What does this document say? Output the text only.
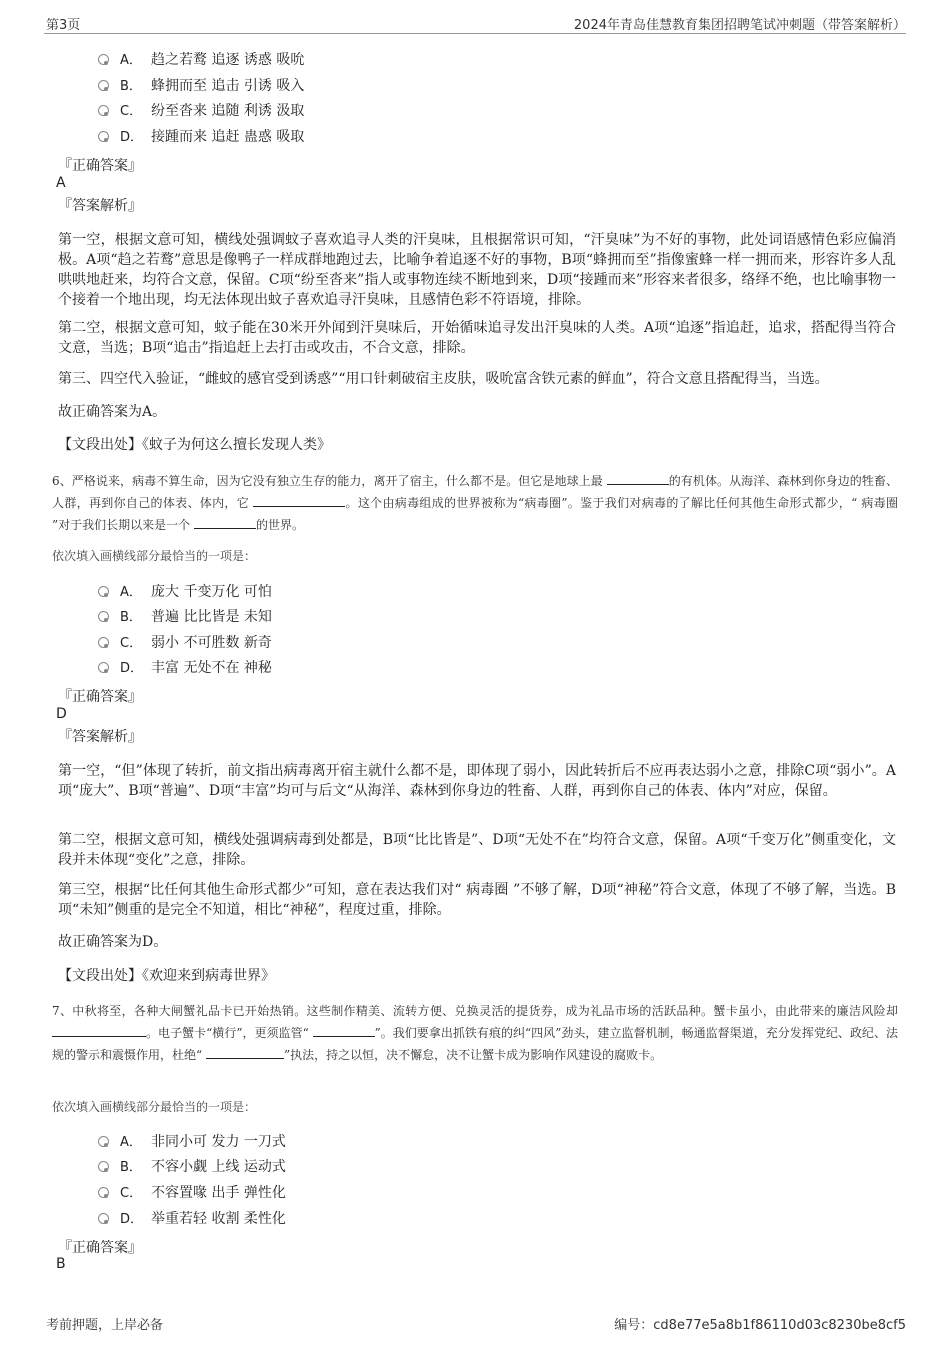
第3页	2024年青岛佳慧教育集团招聘笔试冲刺题（带答案解析）
A． 趋之若鹜 追逐 诱惑 吸吮
B． 蜂拥而至 追击 引诱 吸入
C． 纷至沓来 追随 利诱 汲取
D． 接踵而来 追赶 蛊惑 吸取
『正确答案』
A
『答案解析』

第一空，根据文意可知，横线处强调蚊子喜欢追寻人类的汗臭味，且根据常识可知，“汗臭味”为不好的事物，此处词语感情色彩应偏消极。A项“趋之若鹜”意思是像鸭子一样成群地跑过去，比喻争着追逐不好的事物，B项“蜂拥而至”指像蜜蜂一样一拥而来，形容许多人乱哄哄地赶来，均符合文意，保留。C项“纷至沓来”指人或事物连续不断地到来，D项“接踵而来”形容来者很多，络绎不绝，也比喻事物一个接着一个地出现，均无法体现出蚊子喜欢追寻汗臭味，且感情色彩不符语境，排除。

第二空，根据文意可知，蚊子能在30米开外闻到汗臭味后，开始循味追寻发出汗臭味的人类。A项“追逐”指追赶，追求，搭配得当符合文意，当选；B项“追击”指追赶上去打击或攻击，不合文意，排除。

第三、四空代入验证，“雌蚊的感官受到诱惑”“用口针刺破宿主皮肤，吸吮富含铁元素的鲜血”，符合文意且搭配得当，当选。

故正确答案为A。

【文段出处】《蚊子为何这么擅长发现人类》

6、严格说来，病毒不算生命，因为它没有独立生存的能力，离开了宿主，什么都不是。但它是地球上最	的有机体。从海洋、森林到你身边的牲畜、人群，再到你自己的体表、体内，它	。这个由病毒组成的世界被称为“病毒圈”。鉴于我们对病毒的了解比任何其他生命形式都少，“ 病毒圈 ”对于我们长期以来是一个	的世界。

依次填入画横线部分最恰当的一项是：
A． 庞大 千变万化 可怕
B． 普遍 比比皆是 未知
C． 弱小 不可胜数 新奇
D． 丰富 无处不在 神秘
『正确答案』
D
『答案解析』

第一空，“但”体现了转折，前文指出病毒离开宿主就什么都不是，即体现了弱小，因此转折后不应再表达弱小之意，排除C项“弱小”。A项“庞大”、B项“普遍”、D项“丰富”均可与后文“从海洋、森林到你身边的牲畜、人群，再到你自己的体表、体内”对应，保留。

第二空，根据文意可知，横线处强调病毒到处都是，B项“比比皆是”、D项“无处不在”均符合文意，保留。A项“千变万化”侧重变化，文段并未体现“变化”之意，排除。

第三空，根据“比任何其他生命形式都少”可知，意在表达我们对“ 病毒圈 ”不够了解，D项“神秘”符合文意，体现了不够了解，当选。B项“未知”侧重的是完全不知道，相比“神秘”，程度过重，排除。

故正确答案为D。

【文段出处】《欢迎来到病毒世界》

7、中秋将至，各种大闸蟹礼品卡已开始热销。这些制作精美、流转方便、兑换灵活的提货券，成为礼品市场的活跃品种。蟹卡虽小，由此带来的廉洁风险却 。电子蟹卡“横行”，更须监管“	”。我们要拿出抓铁有痕的纠“四风”劲头，建立监督机制，畅通监督渠道，充分发挥党纪、政纪、法规的警示和震慑作用，杜绝“	”执法，持之以恒，决不懈怠，决不让蟹卡成为影响作风建设的腐败卡。

依次填入画横线部分最恰当的一项是：
A． 非同小可 发力 一刀式
B． 不容小觑 上线 运动式
C． 不容置喙 出手 弹性化
D． 举重若轻 收割 柔性化
『正确答案』
B
考前押题，上岸必备	编号：cd8e77e5a8b1f86110d03c8230be8cf5
